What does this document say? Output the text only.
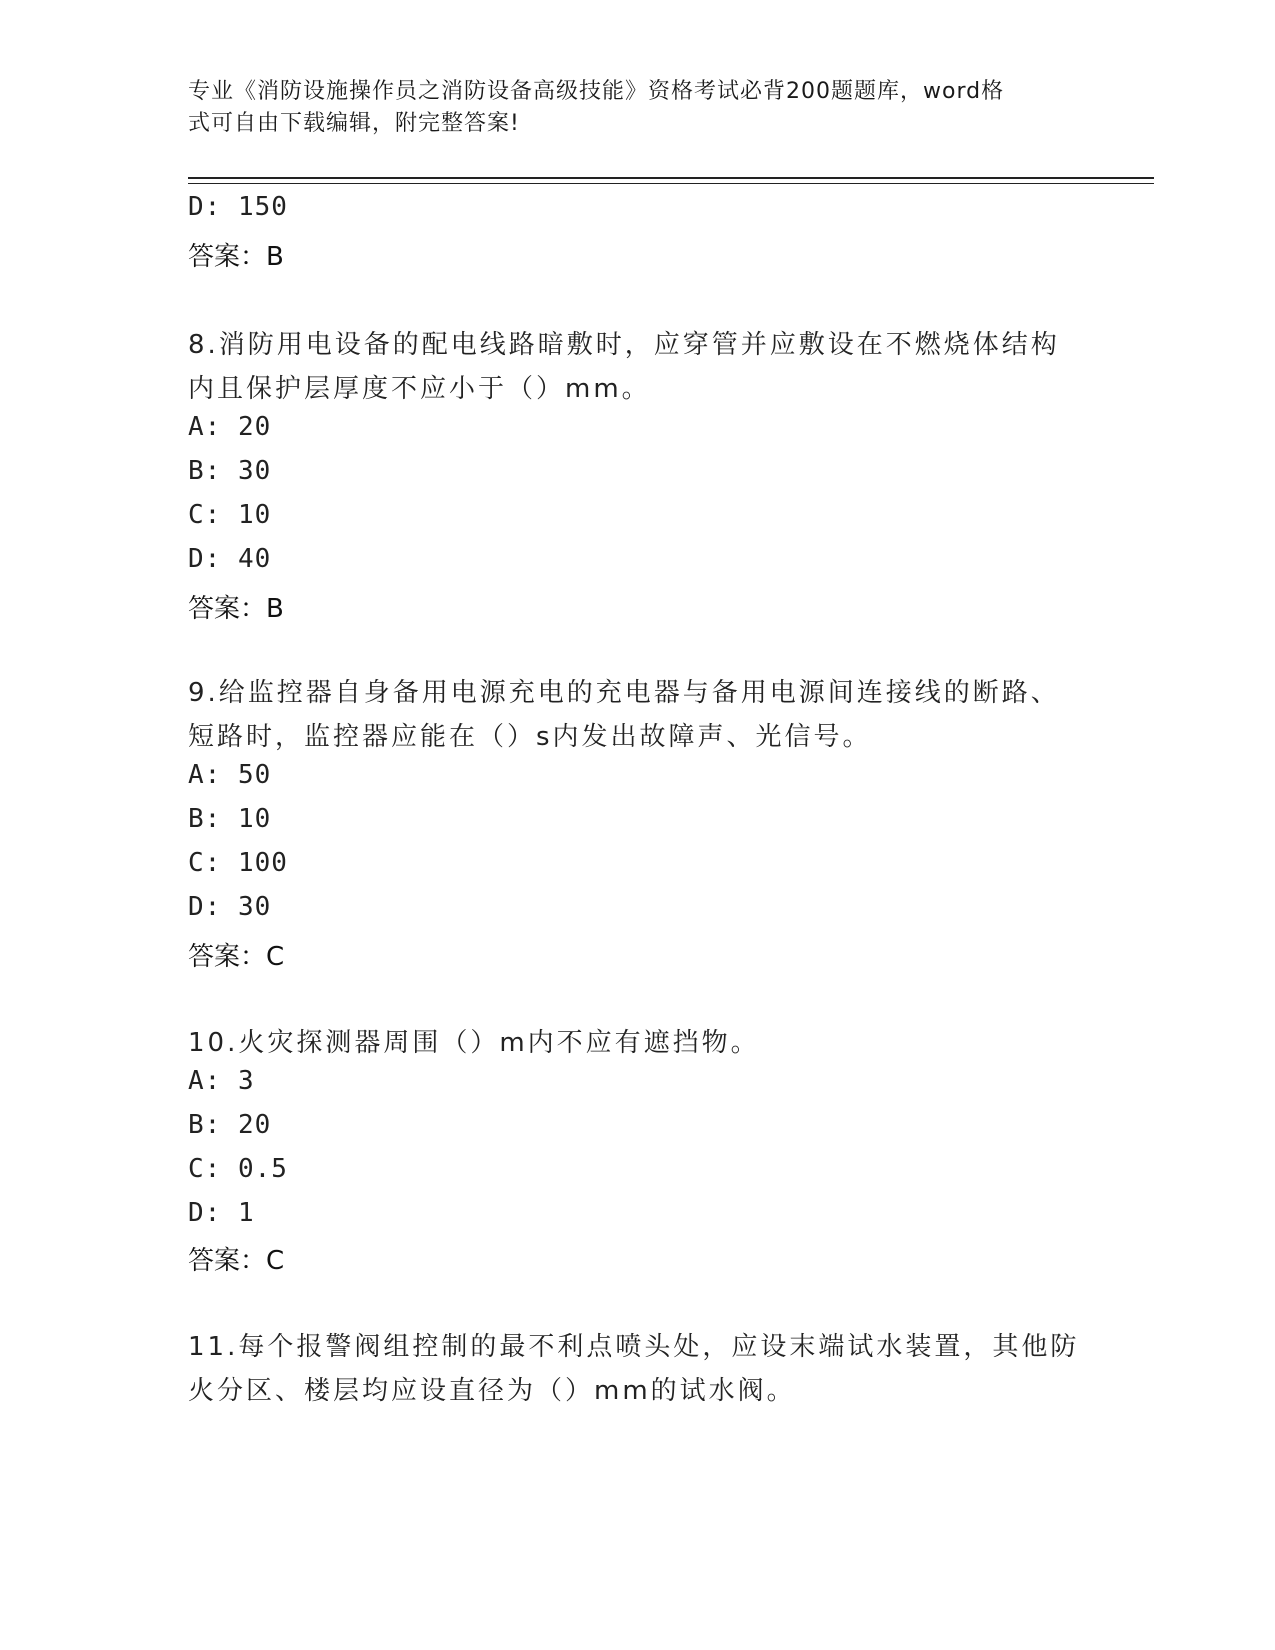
专业《消防设施操作员之消防设备高级技能》资格考试必背200题题库，word格
式可自由下载编辑，附完整答案!
D: 150
答案：B
8.消防用电设备的配电线路暗敷时，应穿管并应敷设在不燃烧体结构
内且保护层厚度不应小于（）mm。
A: 20
B: 30
C: 10
D: 40
答案：B
9.给监控器自身备用电源充电的充电器与备用电源间连接线的断路、
短路时，监控器应能在（）s内发出故障声、光信号。
A: 50
B: 10
C: 100
D: 30
答案：C
10.火灾探测器周围（）m内不应有遮挡物。
A: 3
B: 20
C: 0.5
D: 1
答案：C
11.每个报警阀组控制的最不利点喷头处，应设末端试水装置，其他防
火分区、楼层均应设直径为（）mm的试水阀。
